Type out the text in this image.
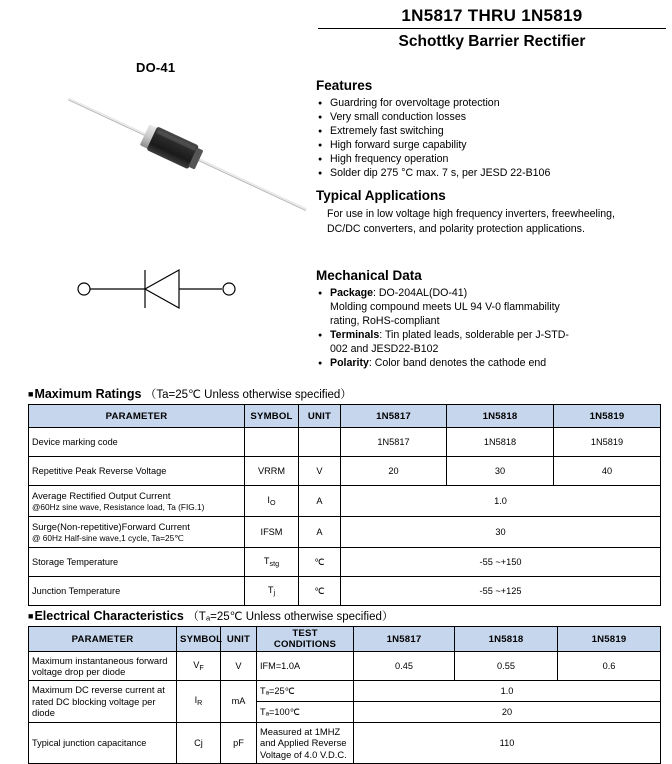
1N5817 THRU 1N5819
Schottky Barrier Rectifier
DO-41
Features
● Guardring for overvoltage protection
● Very small conduction losses
● Extremely fast switching
● High forward surge capability
● High frequency operation
● Solder dip 275 °C max. 7 s, per JESD 22-B106
Typical Applications
For use in low voltage high frequency inverters, freewheeling, DC/DC converters, and polarity protection applications.
Mechanical Data
● Package: DO-204AL(DO-41)
Molding compound meets UL 94 V-0 flammability
rating, RoHS-compliant
● Terminals: Tin plated leads, solderable per J-STD-
002 and JESD22-B102
● Polarity: Color band denotes the cathode end
■Maximum Ratings （Ta=25℃ Unless otherwise specified）
PARAMETER	SYMBOL	UNIT	1N5817	1N5818	1N5819
Device marking code			1N5817	1N5818	1N5819
Repetitive Peak Reverse Voltage	VRRM	V	20	30	40

Average Rectified Output Current
@60Hz sine wave, Resistance load, Ta (FIG.1)	$I_O$	A	1.0		

Surge(Non-repetitive)Forward Current
@ 60Hz Half-sine wave,1 cycle, Ta=25℃	IFSM	A	30		
Storage Temperature	$T_{stg}$	℃	-55 ~+150		
Junction Temperature	$T_j$	℃	-55 ~+125		
■Electrical Characteristics （Tₐ=25℃ Unless otherwise specified）
PARAMETER	SYMBOL	UNIT	TEST CONDITIONS	1N5817	1N5818	1N5819

Maximum instantaneous forward
voltage drop per diode	$V_F$	V	IFM=1.0A	0.45	0.55	0.6

Maximum DC reverse current at
rated DC blocking voltage per
diode	$I_R$	mA	Tₐ=25℃	1.0		
			Tₐ=100℃	20		
Typical junction capacitance	Cj	pF	Measured at 1MHZ
and Applied Reverse
Voltage of 4.0 V.D.C.	110		
